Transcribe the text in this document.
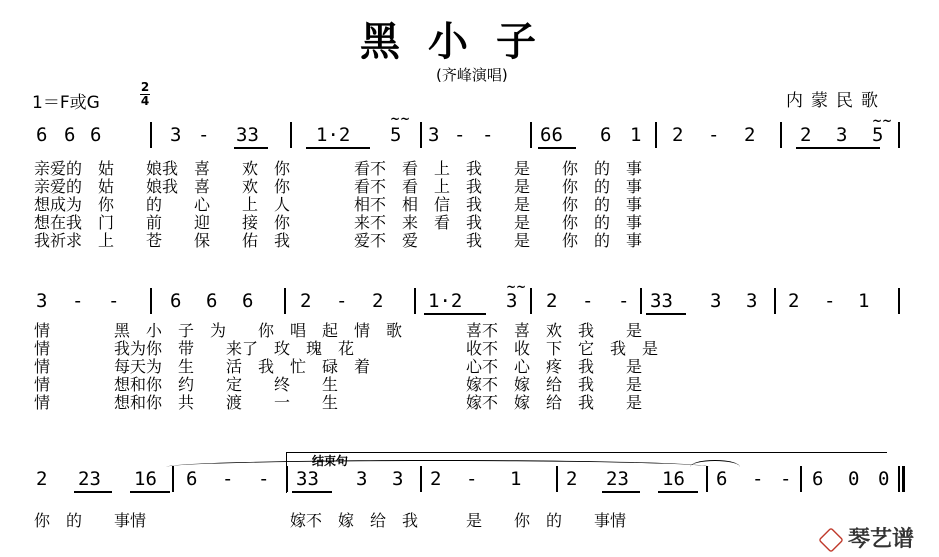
黑小子
(齐峰演唱)
1＝F或G
2
4	内蒙民歌
6 6 6	3 - 33	1·2 5 3 - - 66 6 1 2 - 2 2 3 5
~~	~~
亲爱的　姑　　娘我　喜　　欢　你　　　　看不　看　上　我　　是　　你　的　事
亲爱的　姑　　娘我　喜　　欢　你　　　　看不　看　上　我　　是　　你　的　事
想成为　你　　的　　心　　上　人　　　　相不　相　信　我　　是　　你　的　事
想在我　门　　前　　迎　　接　你　　　　来不　来　看　我　　是　　你　的　事
我祈求　上　　苍　　保　　佑　我　　　　爱不　爱　　　我　　是　　你　的　事
3 - -	6 6 6 2 - 2 1·2 3 2 - - 33 3 3 2 - 1
~~
情　　　　黑　小　子　为　　你　唱　起　情　歌　　　　喜不　喜　欢　我　　是
情　　　　我为你　带　　来了　玫　瑰　花　　　　　　　收不　收　下　它　我　是
情　　　　每天为　生　　活　我　忙　碌　着　　　　　　心不　心　疼　我　　是
情　　　　想和你　约　　定　　终　　生　　　　　　　　嫁不　嫁　给　我　　是
情　　　　想和你　共　　渡　　一　　生　　　　　　　　嫁不　嫁　给　我　　是
2 23 16 6 - - 33 3 3 2 - 1 2 23 16 6 - - 6 0 0
你　的　　事情　　　　　　　　　嫁不　嫁　给　我　　　是　　你　的　　事情
结束句
琴艺谱
